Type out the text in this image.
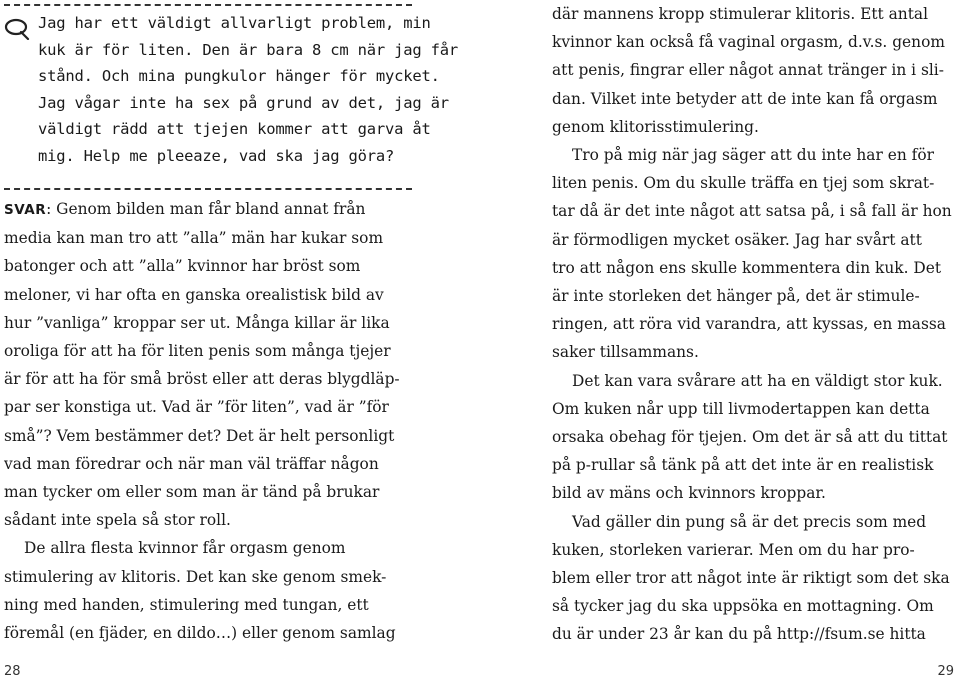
Jag har ett väldigt allvarligt problem, min
kuk är för liten. Den är bara 8 cm när jag får
stånd. Och mina pungkulor hänger för mycket.
Jag vågar inte ha sex på grund av det, jag är
väldigt rädd att tjejen kommer att garva åt
mig. Help me pleeaze, vad ska jag göra?
SVAR: Genom bilden man får bland annat från
media kan man tro att ”alla” män har kukar som
batonger och att ”alla” kvinnor har bröst som
meloner, vi har ofta en ganska orealistisk bild av
hur ”vanliga” kroppar ser ut. Många killar är lika
oroliga för att ha för liten penis som många tjejer
är för att ha för små bröst eller att deras blygdläp-
par ser konstiga ut. Vad är ”för liten”, vad är ”för
små”? Vem bestämmer det? Det är helt personligt
vad man föredrar och när man väl träffar någon
man tycker om eller som man är tänd på brukar
sådant inte spela så stor roll.
De allra flesta kvinnor får orgasm genom
stimulering av klitoris. Det kan ske genom smek-
ning med handen, stimulering med tungan, ett
föremål (en fjäder, en dildo…) eller genom samlag
28
där mannens kropp stimulerar klitoris. Ett antal
kvinnor kan också få vaginal orgasm, d.v.s. genom
att penis, fingrar eller något annat tränger in i sli-
dan. Vilket inte betyder att de inte kan få orgasm
genom klitorisstimulering.
Tro på mig när jag säger att du inte har en för
liten penis. Om du skulle träffa en tjej som skrat-
tar då är det inte något att satsa på, i så fall är hon
är förmodligen mycket osäker. Jag har svårt att
tro att någon ens skulle kommentera din kuk. Det
är inte storleken det hänger på, det är stimule-
ringen, att röra vid varandra, att kyssas, en massa
saker tillsammans.
Det kan vara svårare att ha en väldigt stor kuk.
Om kuken når upp till livmodertappen kan detta
orsaka obehag för tjejen. Om det är så att du tittat
på p-rullar så tänk på att det inte är en realistisk
bild av mäns och kvinnors kroppar.
Vad gäller din pung så är det precis som med
kuken, storleken varierar. Men om du har pro-
blem eller tror att något inte är riktigt som det ska
så tycker jag du ska uppsöka en mottagning. Om
du är under 23 år kan du på http://fsum.se hitta
29
